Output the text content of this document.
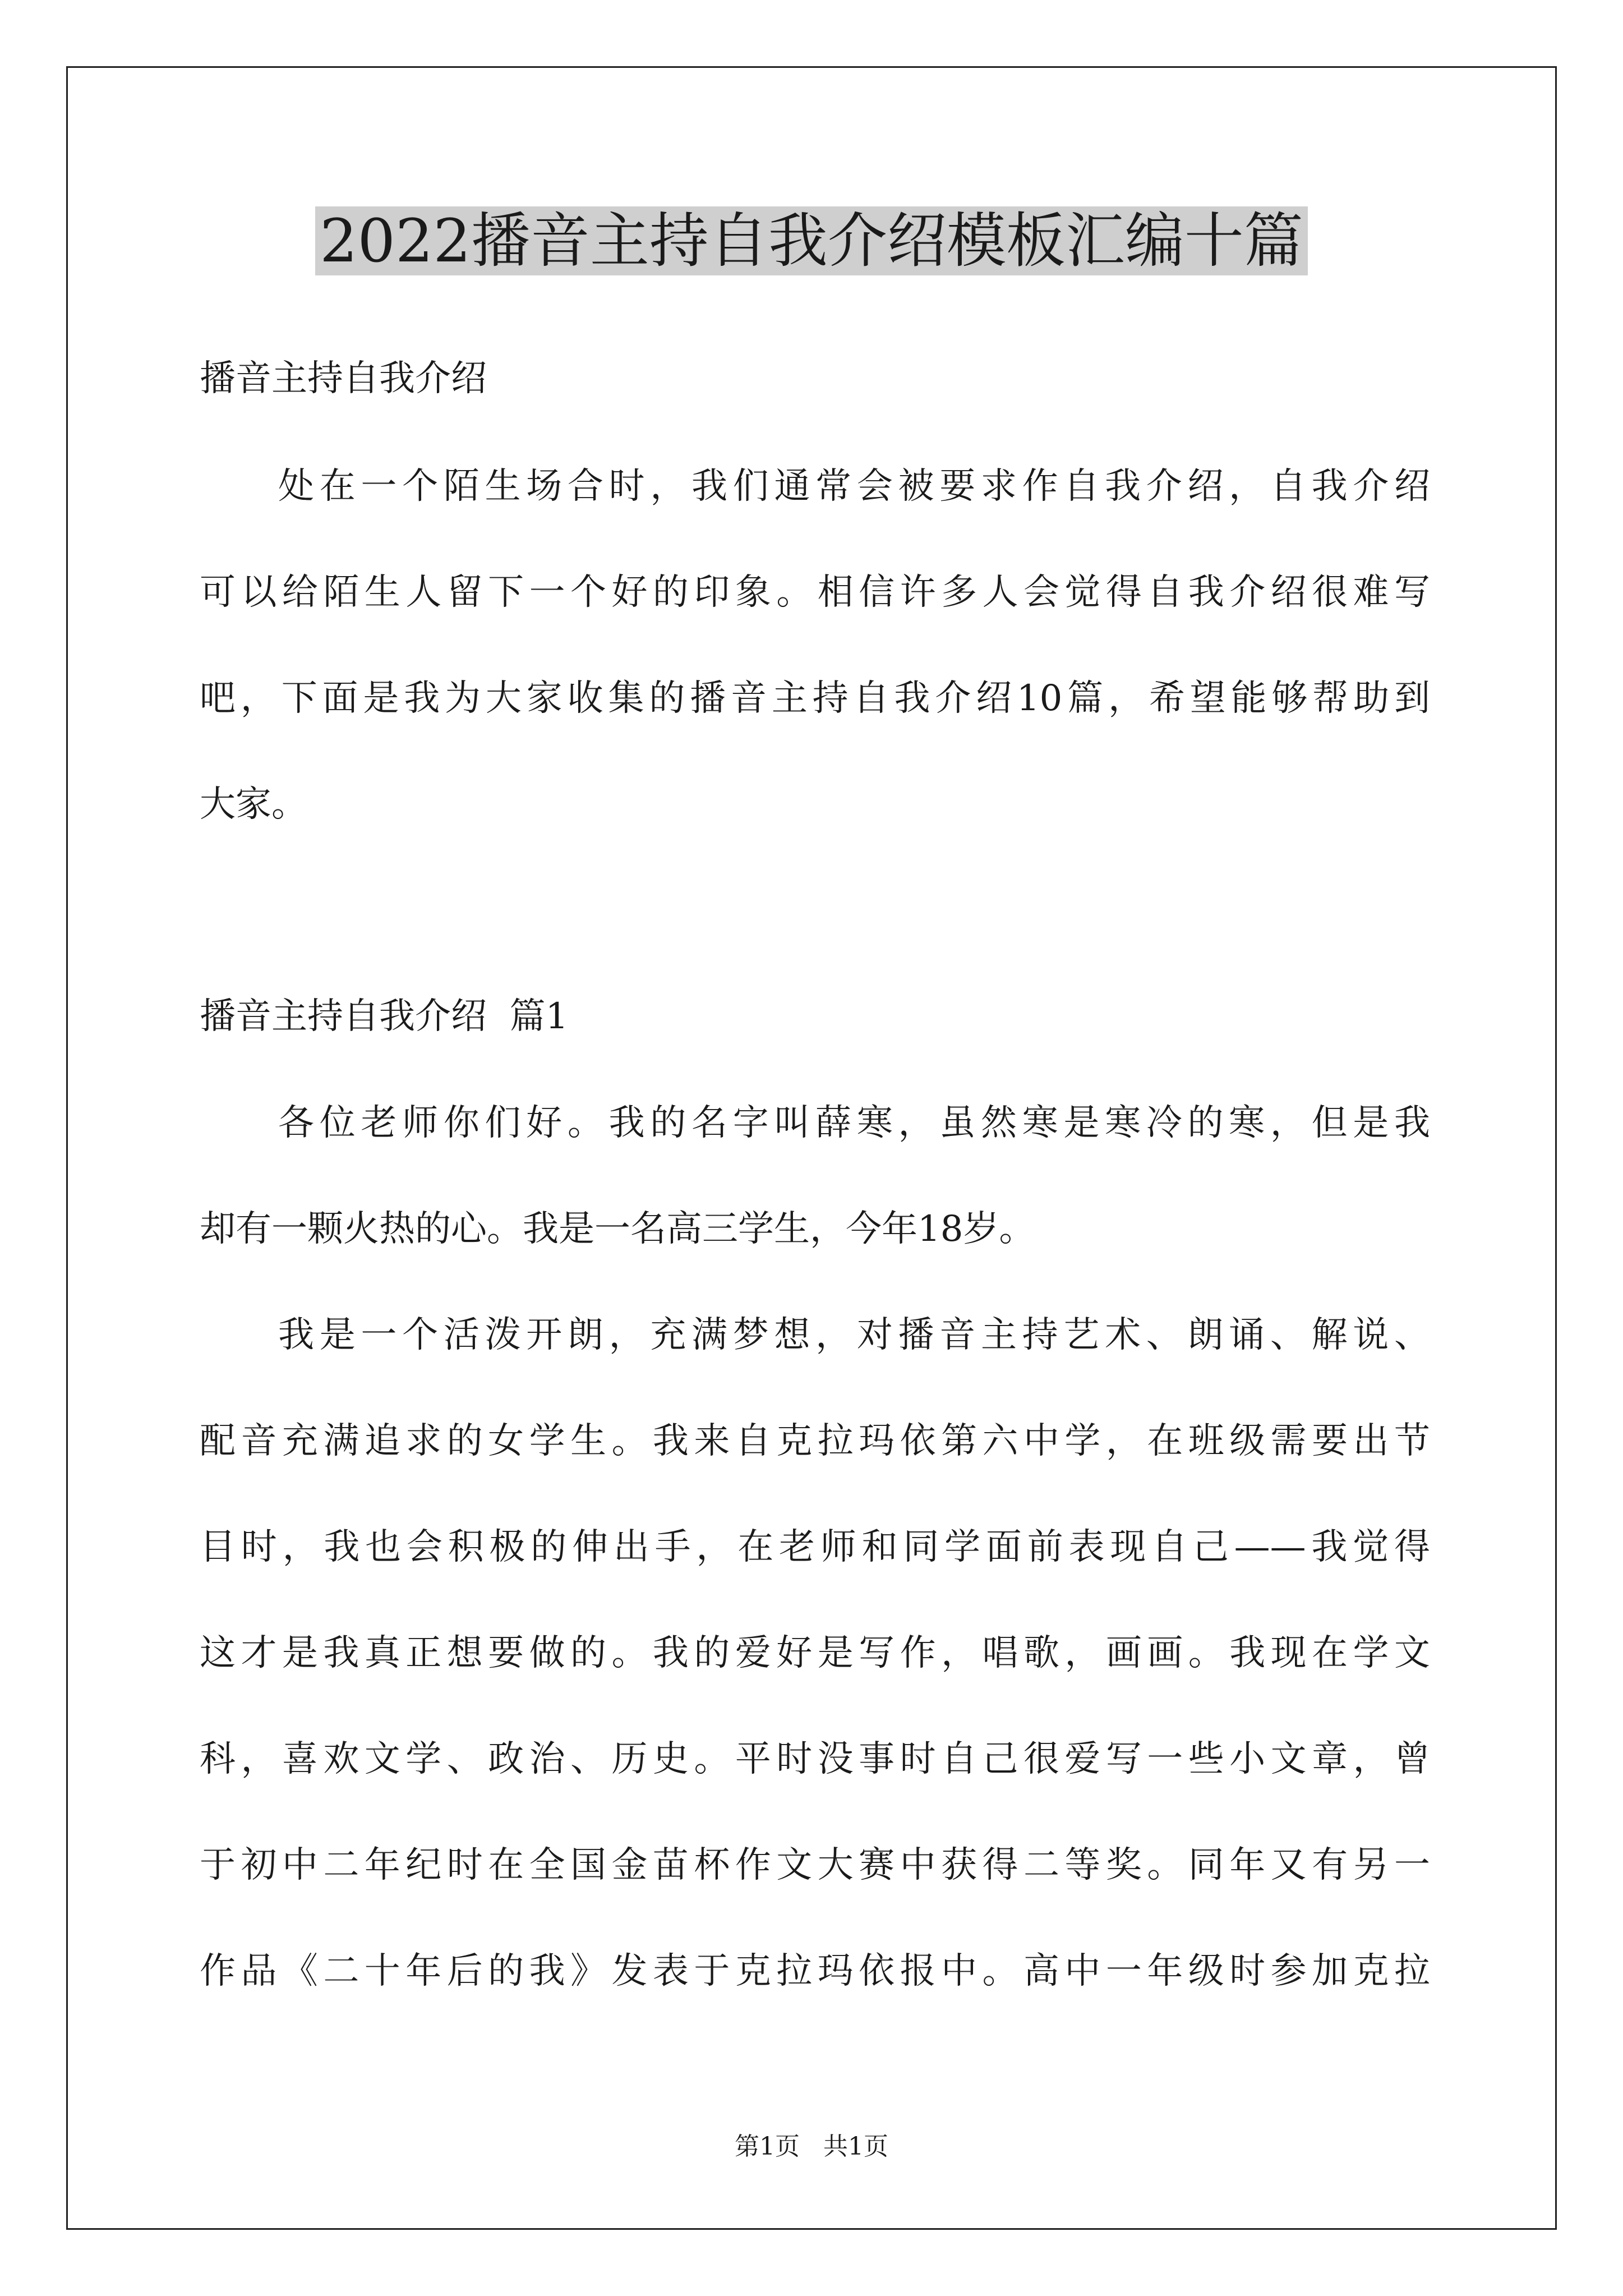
2022播音主持自我介绍模板汇编十篇

播音主持自我介绍

处在一个陌生场合时，我们通常会被要求作自我介绍，自我介绍

可以给陌生人留下一个好的印象。相信许多人会觉得自我介绍很难写

吧，下面是我为大家收集的播音主持自我介绍10篇，希望能够帮助到

大家。

播音主持自我介绍  篇1

各位老师你们好。我的名字叫薛寒，虽然寒是寒冷的寒，但是我

却有一颗火热的心。我是一名高三学生，今年18岁。

我是一个活泼开朗，充满梦想，对播音主持艺术、朗诵、解说、

配音充满追求的女学生。我来自克拉玛依第六中学，在班级需要出节

目时，我也会积极的伸出手，在老师和同学面前表现自己——我觉得

这才是我真正想要做的。我的爱好是写作，唱歌，画画。我现在学文

科，喜欢文学、政治、历史。平时没事时自己很爱写一些小文章，曾

于初中二年纪时在全国金苗杯作文大赛中获得二等奖。同年又有另一

作品《二十年后的我》发表于克拉玛依报中。高中一年级时参加克拉

第1页   共1页
